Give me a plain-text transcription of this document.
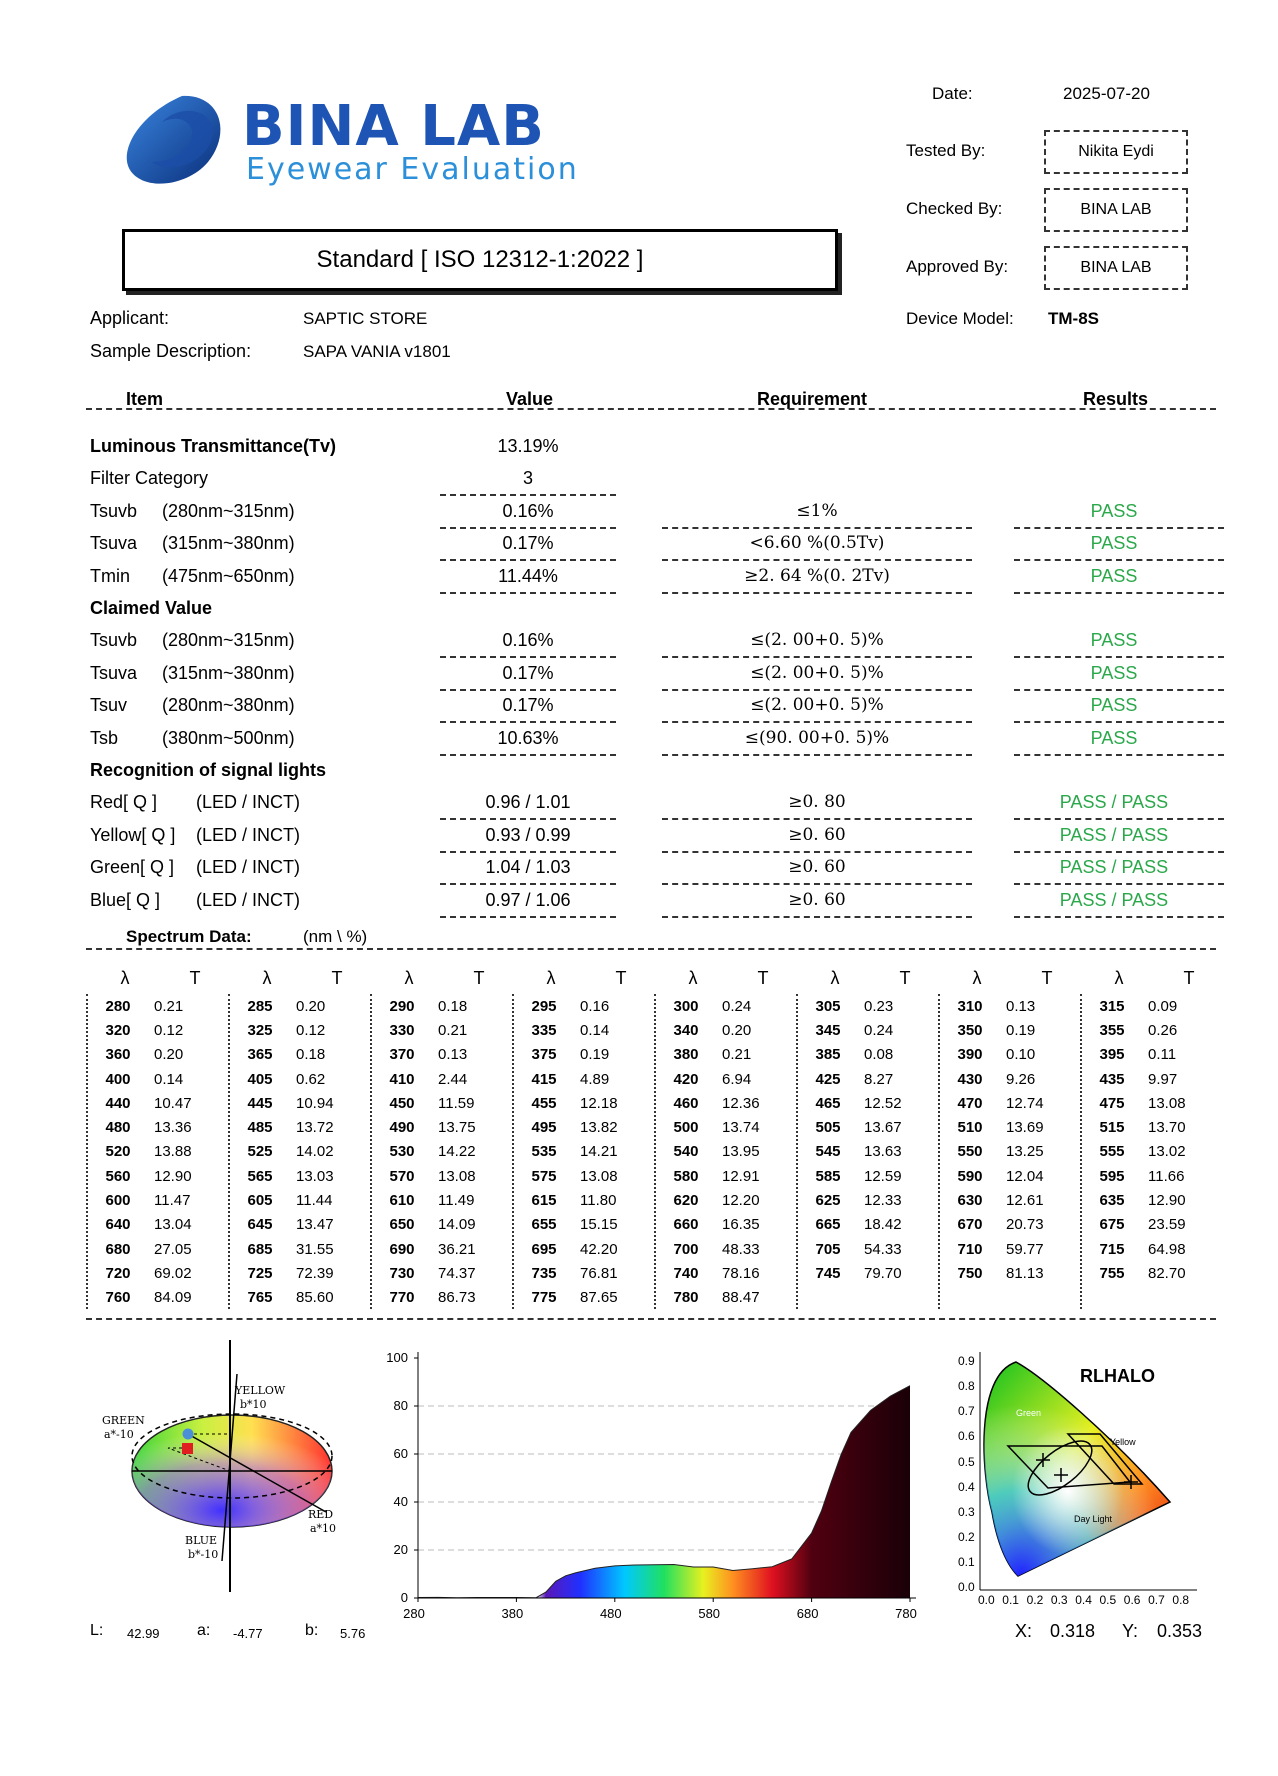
BINA LAB
Eyewear Evaluation
Standard [ ISO 12312-1:2022 ]
Date:	2025-07-20
Tested By:	Nikita Eydi
Checked By:	BINA LAB
Approved By:	BINA LAB
Device Model: TM-8S
Applicant:	SAPTIC STORE
Sample Description:	SAPA VANIA v1801
Item	Value	Requirement	Results
Luminous Transmittance(Tv)	13.19%
Filter Category	3
Tsuvb (280nm~315nm)	0.16%	≤1%	PASS
Tsuva (315nm~380nm)	0.17%	<6.60 %(0.5Tv)	PASS
Tmin (475nm~650nm)	11.44%	≥2. 64 %(0. 2Tv)	PASS
Claimed Value
Tsuvb (280nm~315nm)	0.16%	≤(2. 00+0. 5)%	PASS
Tsuva (315nm~380nm)	0.17%	≤(2. 00+0. 5)%	PASS
Tsuv (280nm~380nm)	0.17%	≤(2. 00+0. 5)%	PASS
Tsb (380nm~500nm)	10.63%	≤(90. 00+0. 5)%	PASS
Recognition of signal lights
Red[ Q ] (LED / INCT)	0.96 / 1.01	≥0. 80	PASS / PASS
Yellow[ Q ] (LED / INCT)	0.93 / 0.99	≥0. 60	PASS / PASS
Green[ Q ] (LED / INCT)	1.04 / 1.03	≥0. 60	PASS / PASS
Blue[ Q ] (LED / INCT)	0.97 / 1.06	≥0. 60	PASS / PASS
Spectrum Data:	(nm \ %)
λ	T
280	0.21
320	0.12
360	0.20
400	0.14
440	10.47
480	13.36
520	13.88
560	12.90
600	11.47
640	13.04
680	27.05
720	69.02
760	84.09
λ	T
285	0.20
325	0.12
365	0.18
405	0.62
445	10.94
485	13.72
525	14.02
565	13.03
605	11.44
645	13.47
685	31.55
725	72.39
765	85.60
λ	T
290	0.18
330	0.21
370	0.13
410	2.44
450	11.59
490	13.75
530	14.22
570	13.08
610	11.49
650	14.09
690	36.21
730	74.37
770	86.73
λ	T
295	0.16
335	0.14
375	0.19
415	4.89
455	12.18
495	13.82
535	14.21
575	13.08
615	11.80
655	15.15
695	42.20
735	76.81
775	87.65
λ	T
300	0.24
340	0.20
380	0.21
420	6.94
460	12.36
500	13.74
540	13.95
580	12.91
620	12.20
660	16.35
700	48.33
740	78.16
780	88.47
λ	T
305	0.23
345	0.24
385	0.08
425	8.27
465	12.52
505	13.67
545	13.63
585	12.59
625	12.33
665	18.42
705	54.33
745	79.70
λ	T
310	0.13
350	0.19
390	0.10
430	9.26
470	12.74
510	13.69
550	13.25
590	12.04
630	12.61
670	20.73
710	59.77
750	81.13
λ	T
315	0.09
355	0.26
395	0.11
435	9.97
475	13.08
515	13.70
555	13.02
595	11.66
635	12.90
675	23.59
715	64.98
755	82.70
YELLOW
b*10
GREEN
a*-10
RED
a*10
BLUE
b*-10
L: 42.99 a: -4.77	b: 5.76
0
20
40
60
80
100
280	380	480	580	680	780
RLHALO
Green
Yellow
Day Light
0.0
0.1
0.2
0.3
0.4
0.5
0.6
0.7
0.8
0.9
0.0 0.1 0.2 0.3 0.4 0.5 0.6 0.7 0.8
X: 0.318 Y: 0.353
